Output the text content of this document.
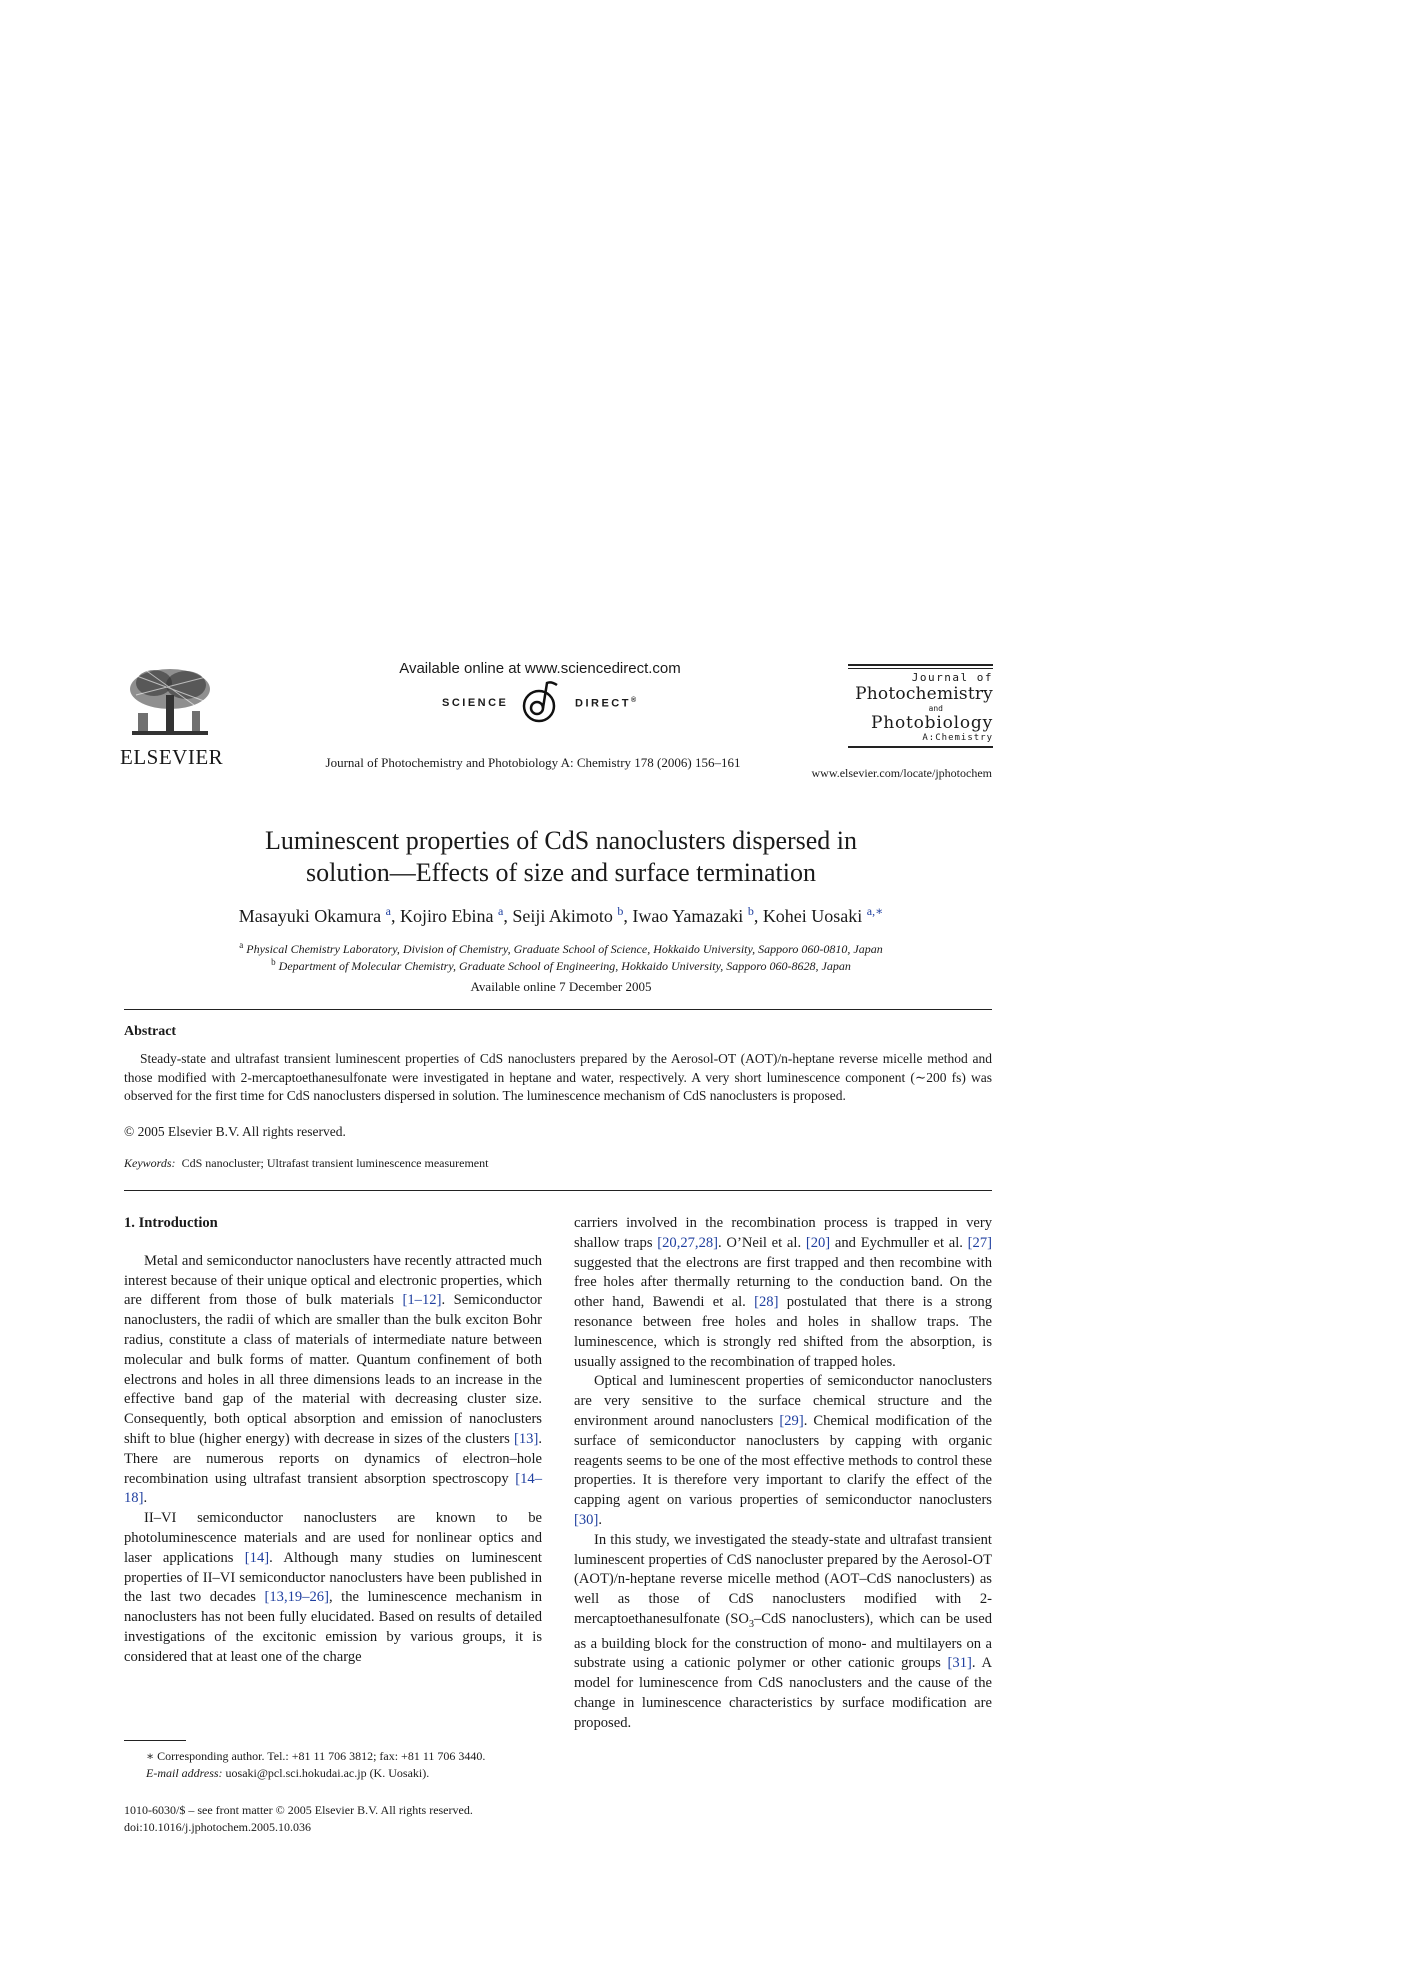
ELSEVIER
Available online at www.sciencedirect.com
SCIENCE	DIRECT®
Journal of Photochemistry and Photobiology A: Chemistry 178 (2006) 156–161
Journal of
Photochemistry
and
Photobiology
A:Chemistry
www.elsevier.com/locate/jphotochem
Luminescent properties of CdS nanoclusters dispersed in
solution—Effects of size and surface termination
Masayuki Okamura $^a$, Kojiro Ebina $^a$, Seiji Akimoto $^b$, Iwao Yamazaki $^b$, Kohei Uosaki $^{a,∗}$
$^a$ Physical Chemistry Laboratory, Division of Chemistry, Graduate School of Science, Hokkaido University, Sapporo 060-0810, Japan
$^b$ Department of Molecular Chemistry, Graduate School of Engineering, Hokkaido University, Sapporo 060-8628, Japan
Available online 7 December 2005
Abstract
Steady-state and ultrafast transient luminescent properties of CdS nanoclusters prepared by the Aerosol-OT (AOT)/n-heptane reverse micelle method and those modified with 2-mercaptoethanesulfonate were investigated in heptane and water, respectively. A very short luminescence component (∼200 fs) was observed for the first time for CdS nanoclusters dispersed in solution. The luminescence mechanism of CdS nanoclusters is proposed.
© 2005 Elsevier B.V. All rights reserved.
Keywords: CdS nanocluster; Ultrafast transient luminescence measurement

1. Introduction

Metal and semiconductor nanoclusters have recently attracted much interest because of their unique optical and electronic properties, which are different from those of bulk materials [1–12]. Semiconductor nanoclusters, the radii of which are smaller than the bulk exciton Bohr radius, constitute a class of materials of intermediate nature between molecular and bulk forms of matter. Quantum confinement of both electrons and holes in all three dimensions leads to an increase in the effective band gap of the material with decreasing cluster size. Consequently, both optical absorption and emission of nanoclusters shift to blue (higher energy) with decrease in sizes of the clusters [13]. There are numerous reports on dynamics of electron–hole recombination using ultrafast transient absorption spectroscopy [14–18].

II–VI semiconductor nanoclusters are known to be photoluminescence materials and are used for nonlinear optics and laser applications [14]. Although many studies on luminescent properties of II–VI semiconductor nanoclusters have been published in the last two decades [13,19–26], the luminescence mechanism in nanoclusters has not been fully elucidated. Based on results of detailed investigations of the excitonic emission by various groups, it is considered that at least one of the charge

carriers involved in the recombination process is trapped in very shallow traps [20,27,28]. O’Neil et al. [20] and Eychmuller et al. [27] suggested that the electrons are first trapped and then recombine with free holes after thermally returning to the conduction band. On the other hand, Bawendi et al. [28] postulated that there is a strong resonance between free holes and holes in shallow traps. The luminescence, which is strongly red shifted from the absorption, is usually assigned to the recombination of trapped holes.

Optical and luminescent properties of semiconductor nanoclusters are very sensitive to the surface chemical structure and the environment around nanoclusters [29]. Chemical modification of the surface of semiconductor nanoclusters by capping with organic reagents seems to be one of the most effective methods to control these properties. It is therefore very important to clarify the effect of the capping agent on various properties of semiconductor nanoclusters [30].

In this study, we investigated the steady-state and ultrafast transient luminescent properties of CdS nanocluster prepared by the Aerosol-OT (AOT)/n-heptane reverse micelle method (AOT–CdS nanoclusters) as well as those of CdS nanoclusters modified with 2-mercaptoethanesulfonate ($SO_3$–CdS nanoclusters), which can be used as a building block for the construction of mono- and multilayers on a substrate using a cationic polymer or other cationic groups [31]. A model for luminescence from CdS nanoclusters and the cause of the change in luminescence characteristics by surface modification are proposed.

∗ Corresponding author. Tel.: +81 11 706 3812; fax: +81 11 706 3440.
E-mail address: uosaki@pcl.sci.hokudai.ac.jp (K. Uosaki).
1010-6030/$ – see front matter © 2005 Elsevier B.V. All rights reserved.
doi:10.1016/j.jphotochem.2005.10.036
